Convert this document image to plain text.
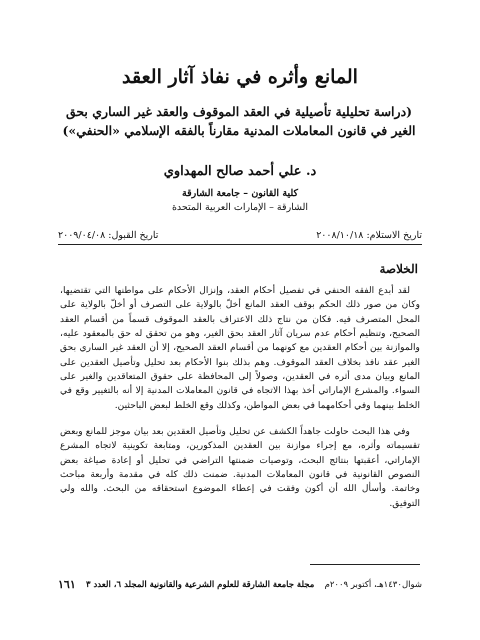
المانع وأثره في نفاذ آثار العقد
(دراسة تحليلية تأصيلية في العقد الموقوف والعقد غير الساري بحق
الغير في قانون المعاملات المدنية مقارناً بالفقه الإسلامي «الحنفي»)
د. علي أحمد صالح المهداوي
كلية القانون – جامعة الشارقة
الشارقة – الإمارات العربية المتحدة
تاريخ الاستلام: ٢٠٠٨/١٠/١٨
تاريخ القبول: ٢٠٠٩/٠٤/٠٨
الخلاصة

لقد أبدع الفقه الحنفي في تفصيل أحكام العقد، وإنزال الأحكام على مواطنها التي تقتضيها، وكان من صور ذلك الحكم بوقف العقد المانع أخلّ بالولاية على التصرف أو أخلّ بالولاية على المحل المتصرف فيه. فكان من نتاج ذلك الاعتراف بالعقد الموقوف قسماً من أقسام العقد الصحيح، وتنظيم أحكام عدم سريان آثار العقد بحق الغير، وهو من تحقق له حق بالمعقود عليه، والموازنة بين أحكام العقدين مع كونهما من أقسام العقد الصحيح، إلا أن العقد غير الساري بحق الغير عقد نافذ بخلاف العقد الموقوف. وهم بذلك بنوا الأحكام بعد تحليل وتأصيل العقدين على المانع وبيان مدى أثره في العقدين، وصولاً إلى المحافظة على حقوق المتعاقدين والغير على السواء. والمشرع الإماراتي أخذ بهذا الاتجاه في قانون المعاملات المدنية إلا أنه بالتغيير وقع في الخلط بينهما وفي أحكامهما في بعض المواطن، وكذلك وقع الخلط لبعض الباحثين.

وفي هذا البحث حاولت جاهداً الكشف عن تحليل وتأصيل العقدين بعد بيان موجز للمانع وبعض تقسيماته وأثره، مع إجراء موازنة بين العقدين المذكورين، ومتابعة تكوينية لاتجاه المشرع الإماراتي، أعقبتها بنتائج البحث، وتوصيات ضمنتها التراضي في تحليل أو إعادة صياغة بعض النصوص القانونية في قانون المعاملات المدنية. ضمنت ذلك كله في مقدمة وأربعة مباحث وخاتمة. وأسأل الله أن أكون وفقت في إعطاء الموضوع استحقاقه من البحث. والله ولي التوفيق.

١٦١ مجلة جامعة الشارقة للعلوم الشرعية والقانونية المجلد ٦، العدد ٣ شوال١٤٣٠هـ، أكتوبر ٢٠٠٩م
